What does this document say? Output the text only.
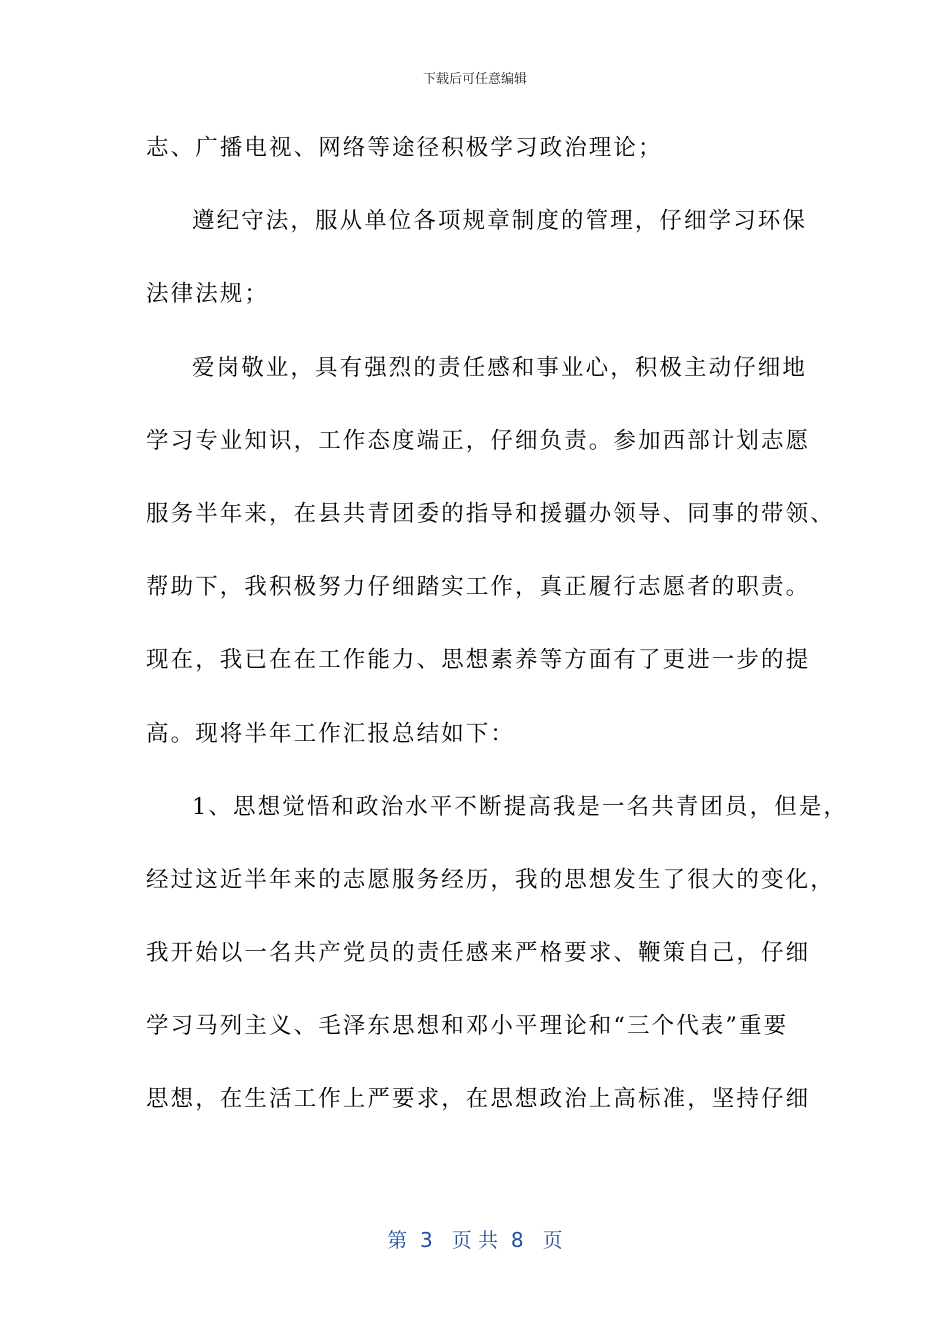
下载后可任意编辑
志、广播电视、网络等途径积极学习政治理论；
遵纪守法，服从单位各项规章制度的管理，仔细学习环保
法律法规；
爱岗敬业，具有强烈的责任感和事业心，积极主动仔细地
学习专业知识，工作态度端正，仔细负责。参加西部计划志愿
服务半年来，在县共青团委的指导和援疆办领导、同事的带领、
帮助下，我积极努力仔细踏实工作，真正履行志愿者的职责。
现在，我已在在工作能力、思想素养等方面有了更进一步的提
高。现将半年工作汇报总结如下：
1、思想觉悟和政治水平不断提高我是一名共青团员，但是，
经过这近半年来的志愿服务经历，我的思想发生了很大的变化，
我开始以一名共产党员的责任感来严格要求、鞭策自己，仔细
学习马列主义、毛泽东思想和邓小平理论和“三个代表”重要
思想，在生活工作上严要求，在思想政治上高标准，坚持仔细
第  3   页 共  8   页
